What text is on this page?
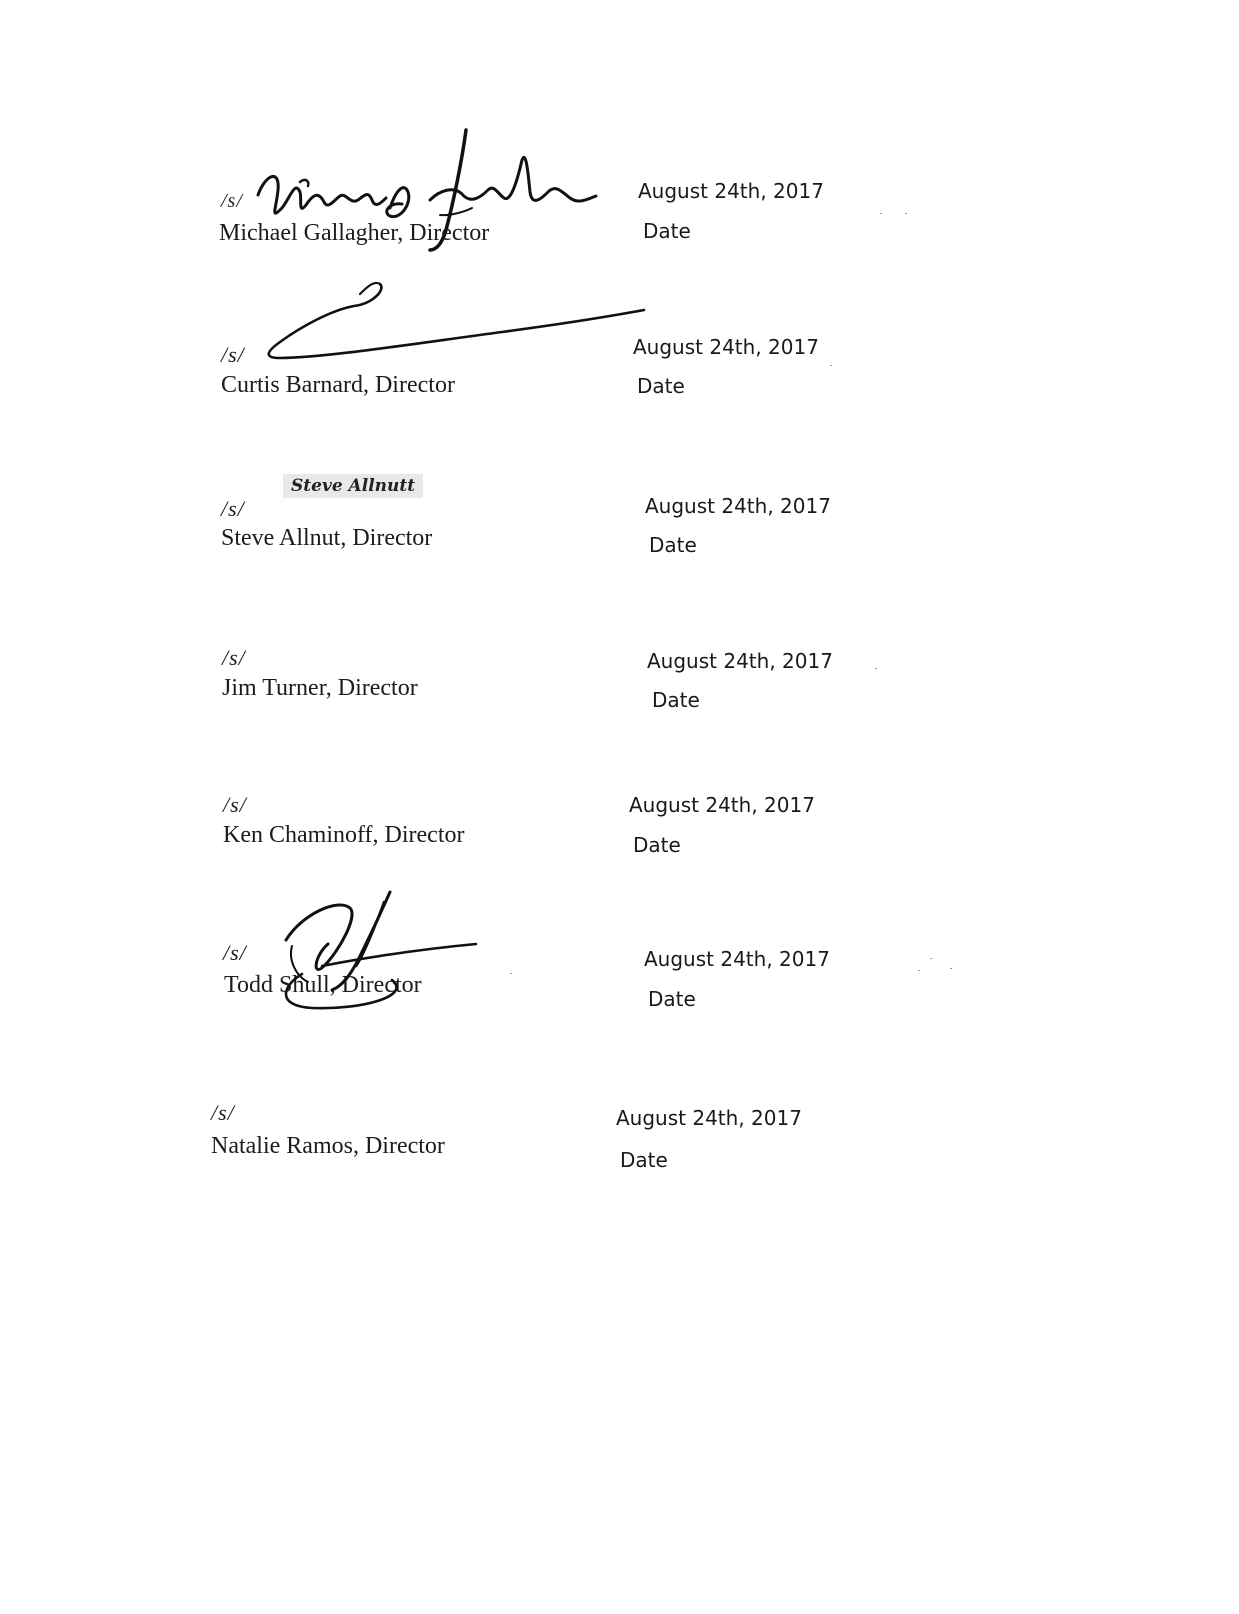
/s/
Michael Gallagher, Director
August 24th, 2017
Date
/s/
Curtis Barnard, Director
August 24th, 2017
Date
/s/
Steve Allnutt
Steve Allnut, Director
August 24th, 2017
Date
/s/
Jim Turner, Director
August 24th, 2017
Date
/s/
Ken Chaminoff, Director
August 24th, 2017
Date
/s/
Todd Shull, Director
August 24th, 2017
Date
/s/
Natalie Ramos, Director
August 24th, 2017
Date
